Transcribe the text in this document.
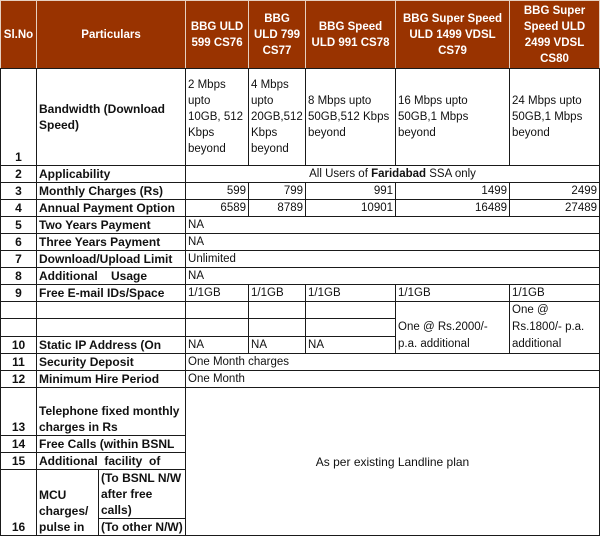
Sl.No	Particulars		BBG ULD 599 CS76	BBG ULD 799 CS77	BBG Speed ULD 991 CS78	BBG Super Speed ULD 1499 VDSL CS79	BBG Super Speed ULD 2499 VDSL CS80
1	Bandwidth (Download Speed)		2 Mbps upto 10GB, 512 Kbps beyond	4 Mbps upto 20GB,512 Kbps beyond	8 Mbps upto 50GB,512 Kbps beyond	16 Mbps upto 50GB,1 Mbps beyond	24 Mbps upto 50GB,1 Mbps beyond
2	Applicability		All Users of Faridabad SSA only				
3	Monthly Charges (Rs)		599	799	991	1499	2499
4	Annual Payment Option		6589	8789	10901	16489	27489
5	Two Years Payment		NA				
6	Three Years Payment		NA				
7	Download/Upload Limit		Unlimited				
8	Additional    Usage		NA				
9	Free E-mail IDs/Space		1/1GB	1/1GB	1/1GB	1/1GB	1/1GB
						One @ Rs.2000/- p.a. additional	One @ Rs.1800/- p.a. additional

10	Static IP Address (On		NA	NA	NA		
11	Security Deposit		One Month charges				
12	Minimum Hire Period		One Month				
13	Telephone fixed monthly charges in Rs		As per existing Landline plan				
14	Free Calls (within BSNL						
15	Additional  facility  of						
16	MCU charges/ pulse in	(To BSNL N/W after free calls)					
		(To other N/W)					
